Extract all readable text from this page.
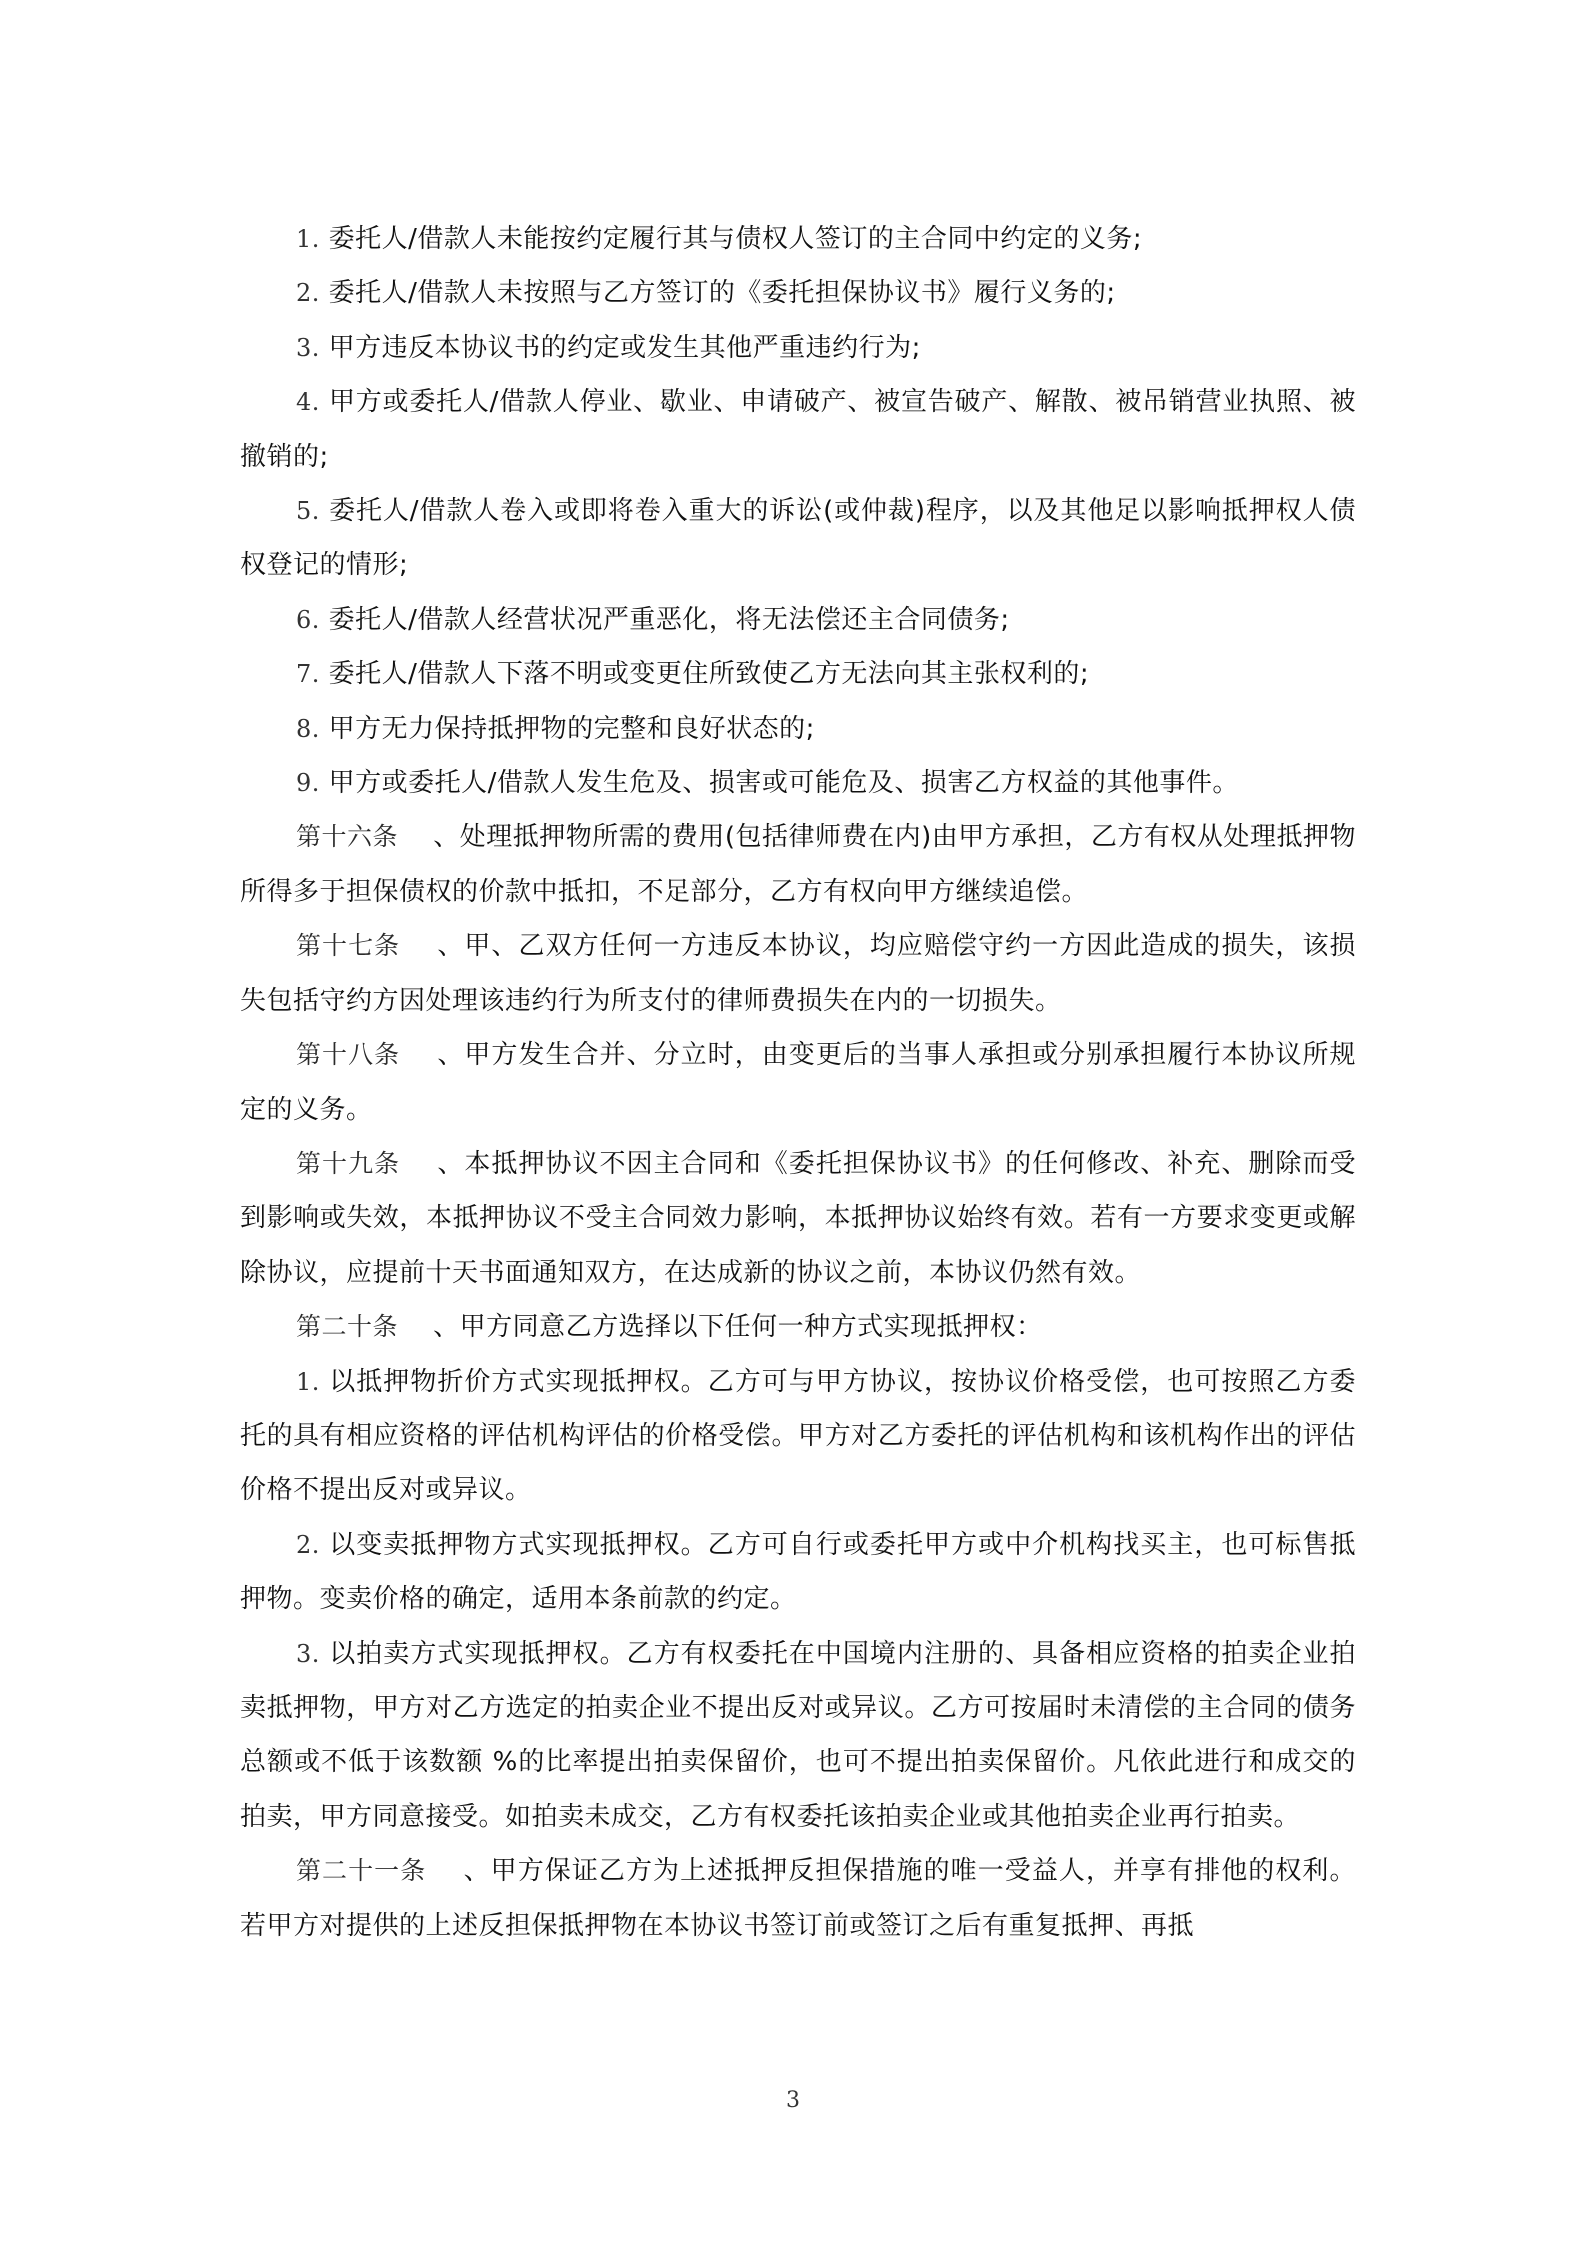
1. 委托人/借款人未能按约定履行其与债权人签订的主合同中约定的义务;

2. 委托人/借款人未按照与乙方签订的《委托担保协议书》履行义务的;

3. 甲方违反本协议书的约定或发生其他严重违约行为;

4. 甲方或委托人/借款人停业、歇业、申请破产、被宣告破产、解散、被吊销营业执照、被撤销的;

5. 委托人/借款人卷入或即将卷入重大的诉讼(或仲裁)程序，以及其他足以影响抵押权人债权登记的情形;

6. 委托人/借款人经营状况严重恶化，将无法偿还主合同债务;

7. 委托人/借款人下落不明或变更住所致使乙方无法向其主张权利的;

8. 甲方无力保持抵押物的完整和良好状态的;

9. 甲方或委托人/借款人发生危及、损害或可能危及、损害乙方权益的其他事件。

第十六条 、处理抵押物所需的费用(包括律师费在内)由甲方承担，乙方有权从处理抵押物所得多于担保债权的价款中抵扣，不足部分，乙方有权向甲方继续追偿。

第十七条 、甲、乙双方任何一方违反本协议，均应赔偿守约一方因此造成的损失，该损失包括守约方因处理该违约行为所支付的律师费损失在内的一切损失。

第十八条 、甲方发生合并、分立时，由变更后的当事人承担或分别承担履行本协议所规定的义务。

第十九条 、本抵押协议不因主合同和《委托担保协议书》的任何修改、补充、删除而受到影响或失效，本抵押协议不受主合同效力影响，本抵押协议始终有效。若有一方要求变更或解除协议，应提前十天书面通知双方，在达成新的协议之前，本协议仍然有效。

第二十条 、甲方同意乙方选择以下任何一种方式实现抵押权：

1. 以抵押物折价方式实现抵押权。乙方可与甲方协议，按协议价格受偿，也可按照乙方委托的具有相应资格的评估机构评估的价格受偿。甲方对乙方委托的评估机构和该机构作出的评估价格不提出反对或异议。

2. 以变卖抵押物方式实现抵押权。乙方可自行或委托甲方或中介机构找买主，也可标售抵押物。变卖价格的确定，适用本条前款的约定。

3. 以拍卖方式实现抵押权。乙方有权委托在中国境内注册的、具备相应资格的拍卖企业拍卖抵押物，甲方对乙方选定的拍卖企业不提出反对或异议。乙方可按届时未清偿的主合同的债务总额或不低于该数额 %的比率提出拍卖保留价，也可不提出拍卖保留价。凡依此进行和成交的拍卖，甲方同意接受。如拍卖未成交，乙方有权委托该拍卖企业或其他拍卖企业再行拍卖。

第二十一条 、甲方保证乙方为上述抵押反担保措施的唯一受益人，并享有排他的权利。若甲方对提供的上述反担保抵押物在本协议书签订前或签订之后有重复抵押、再抵

3
